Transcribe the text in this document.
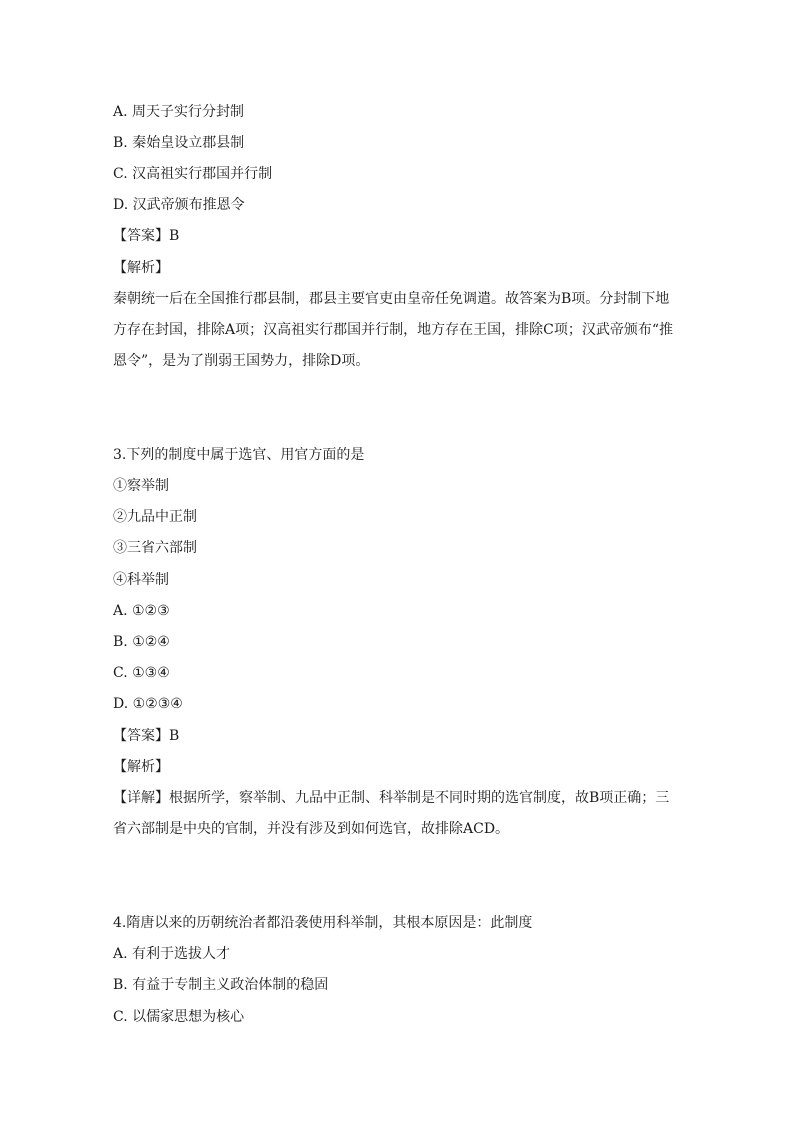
A. 周天子实行分封制
B. 秦始皇设立郡县制
C. 汉高祖实行郡国并行制
D. 汉武帝颁布推恩令
【答案】B
【解析】
秦朝统一后在全国推行郡县制，郡县主要官吏由皇帝任免调遣。故答案为B项。分封制下地
方存在封国，排除A项；汉高祖实行郡国并行制，地方存在王国，排除C项；汉武帝颁布“推
恩令”，是为了削弱王国势力，排除D项。
3.下列的制度中属于选官、用官方面的是
①察举制
②九品中正制
③三省六部制
④科举制
A. ①②③
B. ①②④
C. ①③④
D. ①②③④
【答案】B
【解析】
【详解】根据所学，察举制、九品中正制、科举制是不同时期的选官制度，故B项正确；三
省六部制是中央的官制，并没有涉及到如何选官，故排除ACD。
4.隋唐以来的历朝统治者都沿袭使用科举制，其根本原因是：此制度
A. 有利于选拔人才
B. 有益于专制主义政治体制的稳固
C. 以儒家思想为核心
